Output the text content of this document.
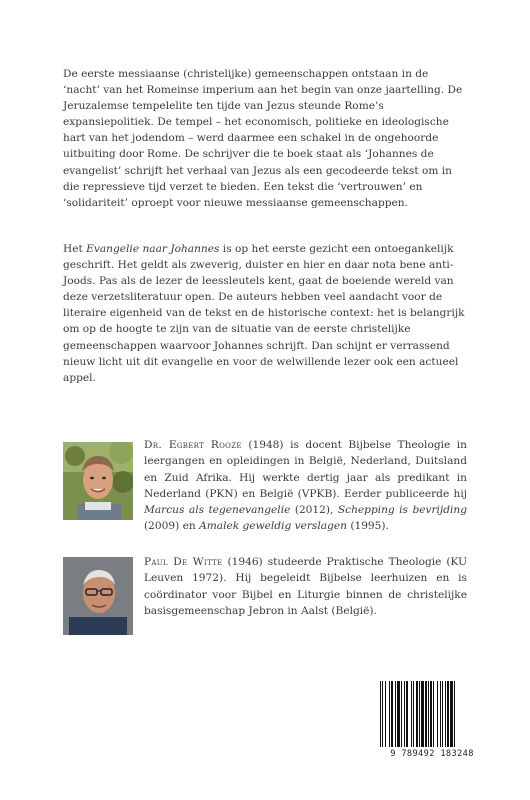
De eerste messiaanse (christelijke) gemeenschappen ontstaan in de ‘nacht’ van het Romeinse imperium aan het begin van onze jaartelling. De Jeruzalemse tempelelite ten tijde van Jezus steunde Rome’s expansiepolitiek. De tempel – het economisch, politieke en ideologische hart van het jodendom – werd daarmee een schakel in de ongehoorde uitbuiting door Rome. De schrijver die te boek staat als ‘Johannes de evangelist’ schrijft het verhaal van Jezus als een gecodeerde tekst om in die repressieve tijd verzet te bieden. Een tekst die ‘vertrouwen’ en ‘solidariteit’ oproept voor nieuwe messiaanse gemeenschappen.

Het Evangelie naar Johannes is op het eerste gezicht een ontoegankelijk geschrift. Het geldt als zweverig, duister en hier en daar nota bene anti-Joods. Pas als de lezer de leessleutels kent, gaat de boeiende wereld van deze verzetsliteratuur open. De auteurs hebben veel aandacht voor de literaire eigenheid van de tekst en de historische context: het is belangrijk om op de hoogte te zijn van de situatie van de eerste christelijke gemeenschappen waarvoor Johannes schrijft. Dan schijnt er verrassend nieuw licht uit dit evangelie en voor de welwillende lezer ook een actueel appel.

Dr. Egbert Rooze (1948) is docent Bijbelse Theologie in leergangen en opleidingen in België, Nederland, Duitsland en Zuid Afrika. Hij werkte dertig jaar als predikant in Nederland (PKN) en België (VPKB). Eerder publiceerde hij Marcus als tegenevangelie (2012), Schepping is bevrijding (2009) en Amalek geweldig verslagen (1995).

Paul De Witte (1946) studeerde Praktische Theologie (KU Leuven 1972). Hij begeleidt Bijbelse leerhuizen en is coördinator voor Bijbel en Liturgie binnen de christelijke basisgemeenschap Jebron in Aalst (België).

9 789492 183248
